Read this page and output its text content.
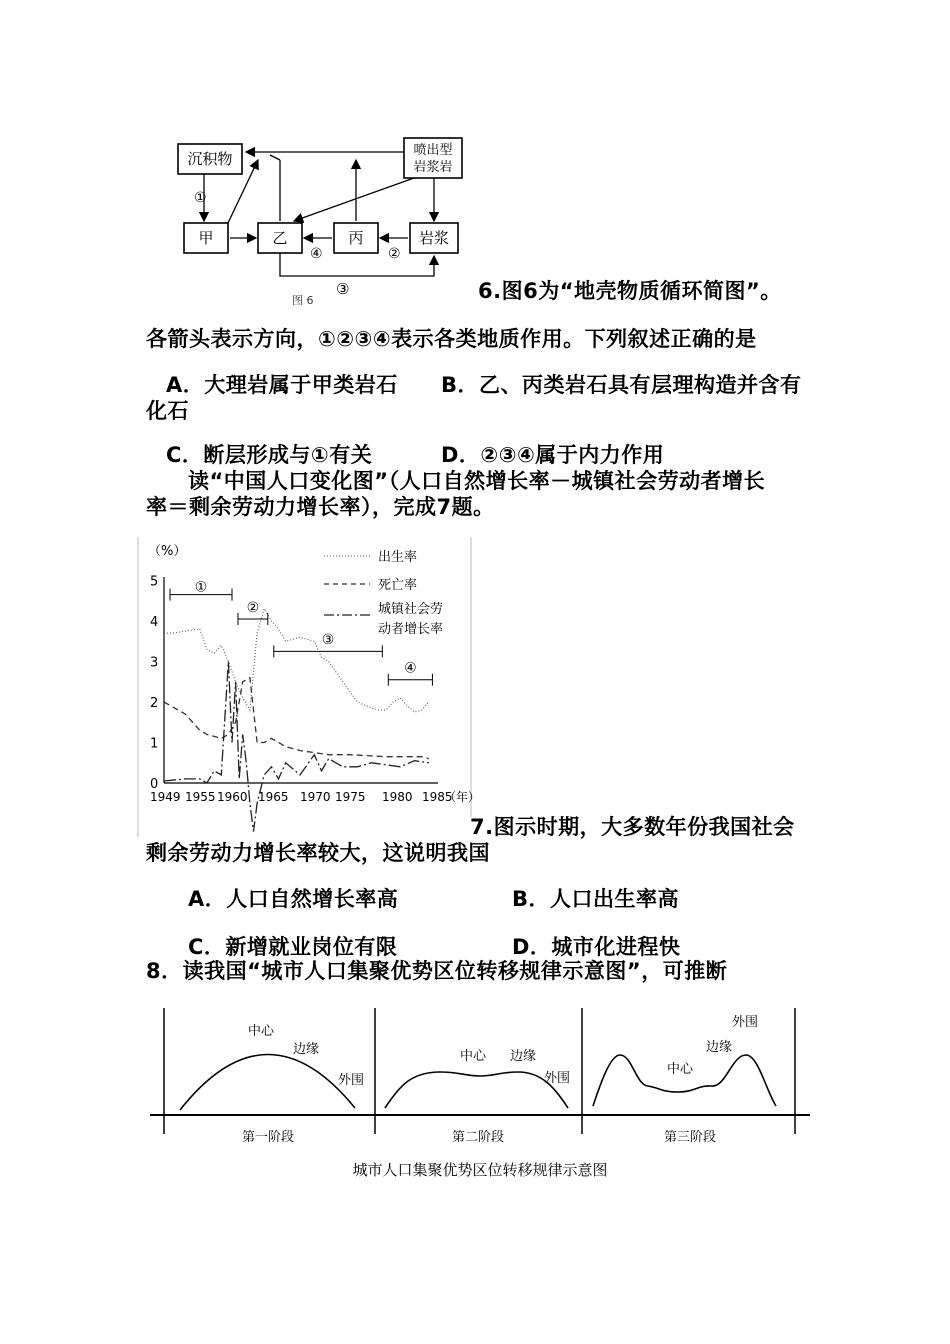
沉积物	喷出型
岩浆岩
甲	乙	丙	岩浆
①
④	②
③
图 6	6.图6为“地壳物质循环简图”。
各箭头表示方向，①②③④表示各类地质作用。下列叙述正确的是
A．大理岩属于甲类岩石 B．乙、丙类岩石具有层理构造并含有
化石
C．断层形成与①有关	D．②③④属于内力作用
读“中国人口变化图”（人口自然增长率－城镇社会劳动者增长
率＝剩余劳动力增长率），完成7题。
（%）
0
1
2
3
4
5
1949 1955 1960 1965 1970 1975 1980 1985
（年）
①
②
③
④
出生率
死亡率
城镇社会劳
动者增长率
7.图示时期，大多数年份我国社会
剩余劳动力增长率较大，这说明我国
A．人口自然增长率高	B．人口出生率高
C．新增就业岗位有限	D．城市化进程快
8．读我国“城市人口集聚优势区位转移规律示意图”，可推断
中心
边缘
外围
中心 边缘
外围
中心
边缘
外围
第一阶段	第二阶段	第三阶段
城市人口集聚优势区位转移规律示意图
